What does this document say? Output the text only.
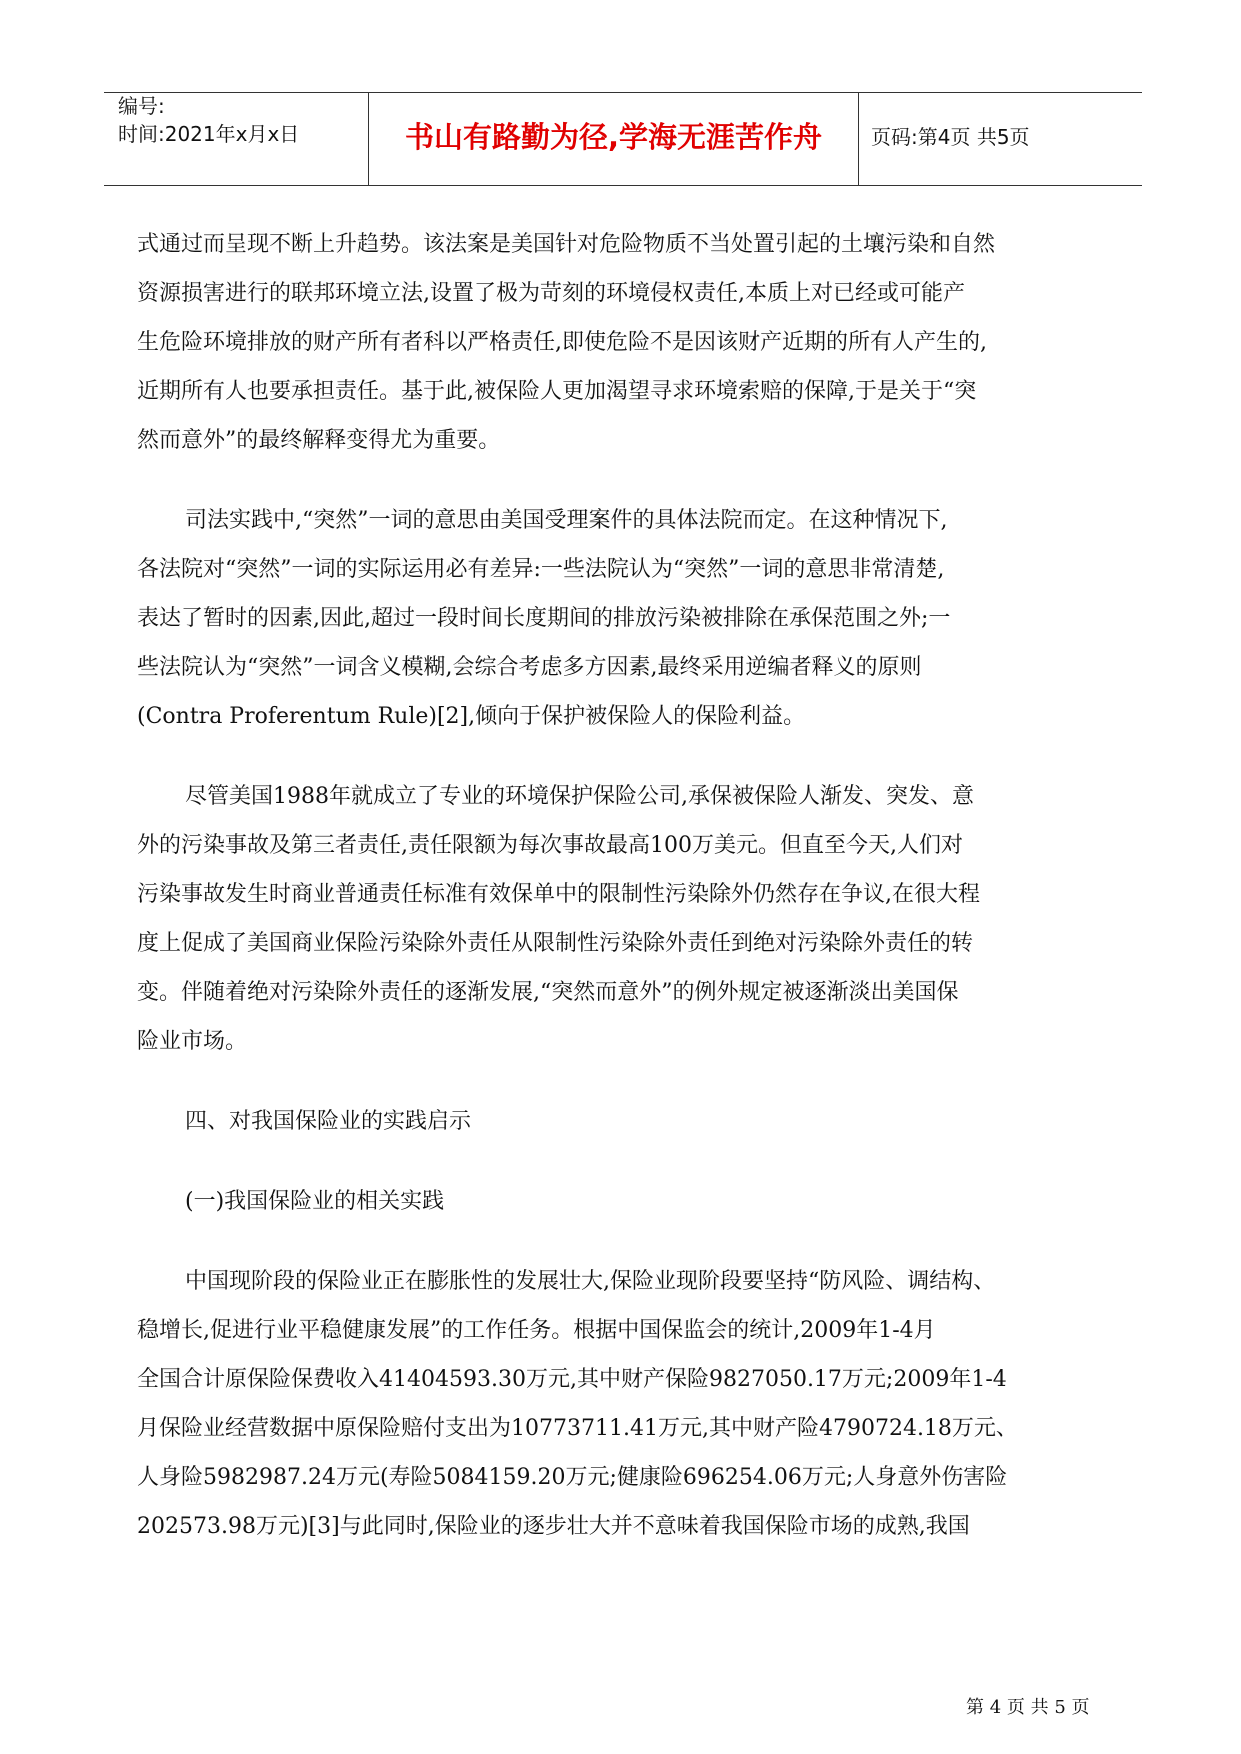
编号:
时间:2021年x月x日	书山有路勤为径,学海无涯苦作舟	页码:第4页 共5页
式通过而呈现不断上升趋势。该法案是美国针对危险物质不当处置引起的土壤污染和自然
资源损害进行的联邦环境立法,设置了极为苛刻的环境侵权责任,本质上对已经或可能产
生危险环境排放的财产所有者科以严格责任,即使危险不是因该财产近期的所有人产生的,
近期所有人也要承担责任。基于此,被保险人更加渴望寻求环境索赔的保障,于是关于“突
然而意外”的最终解释变得尤为重要。
司法实践中,“突然”一词的意思由美国受理案件的具体法院而定。在这种情况下,
各法院对“突然”一词的实际运用必有差异:一些法院认为“突然”一词的意思非常清楚,
表达了暂时的因素,因此,超过一段时间长度期间的排放污染被排除在承保范围之外;一
些法院认为“突然”一词含义模糊,会综合考虑多方因素,最终采用逆编者释义的原则
(Contra Proferentum Rule)[2],倾向于保护被保险人的保险利益。
尽管美国1988年就成立了专业的环境保护保险公司,承保被保险人渐发、突发、意
外的污染事故及第三者责任,责任限额为每次事故最高100万美元。但直至今天,人们对
污染事故发生时商业普通责任标准有效保单中的限制性污染除外仍然存在争议,在很大程
度上促成了美国商业保险污染除外责任从限制性污染除外责任到绝对污染除外责任的转
变。伴随着绝对污染除外责任的逐渐发展,“突然而意外”的例外规定被逐渐淡出美国保
险业市场。
四、对我国保险业的实践启示
(一)我国保险业的相关实践
中国现阶段的保险业正在膨胀性的发展壮大,保险业现阶段要坚持“防风险、调结构、
稳增长,促进行业平稳健康发展”的工作任务。根据中国保监会的统计,2009年1-4月
全国合计原保险保费收入41404593.30万元,其中财产保险9827050.17万元;2009年1-4
月保险业经营数据中原保险赔付支出为10773711.41万元,其中财产险4790724.18万元、
人身险5982987.24万元(寿险5084159.20万元;健康险696254.06万元;人身意外伤害险
202573.98万元)[3]与此同时,保险业的逐步壮大并不意味着我国保险市场的成熟,我国
第 4 页 共 5 页
